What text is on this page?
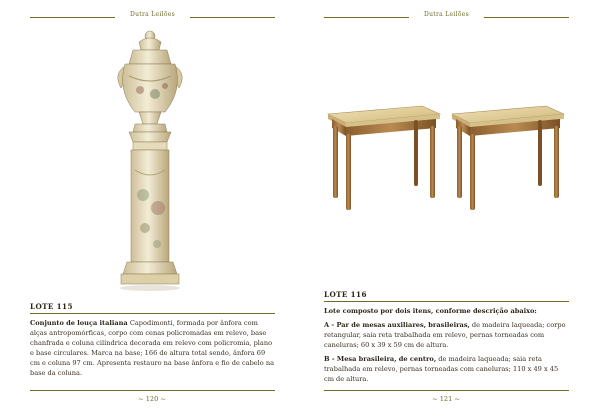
Dutra Leilões
LOTE 115
Conjunto de louça italiana Capodimonti, formada por ânfora com alças antropomórficas, corpo com cenas policromadas em relevo, base chanfrada e coluna cilíndrica decorada em relevo com policromia, plano e base circulares. Marca na base; 166 de altura total sendo, ânfora 69 cm e coluna 97 cm. Apresenta restauro na base ânfora e fio de cabelo na base da coluna.
~ 120 ~
Dutra Leilões
LOTE 116
Lote composto por dois itens, conforme descrição abaixo:
A - Par de mesas auxiliares, brasileiras, de madeira laqueada; corpo retangular, saia reta trabalhada em relevo, pernas torneadas com caneluras; 60 x 39 x 59 cm de altura.
B - Mesa brasileira, de centro, de madeira laqueada; saia reta trabalhada em relevo, pernas torneadas com caneluras; 110 x 49 x 45 cm de altura.
~ 121 ~
